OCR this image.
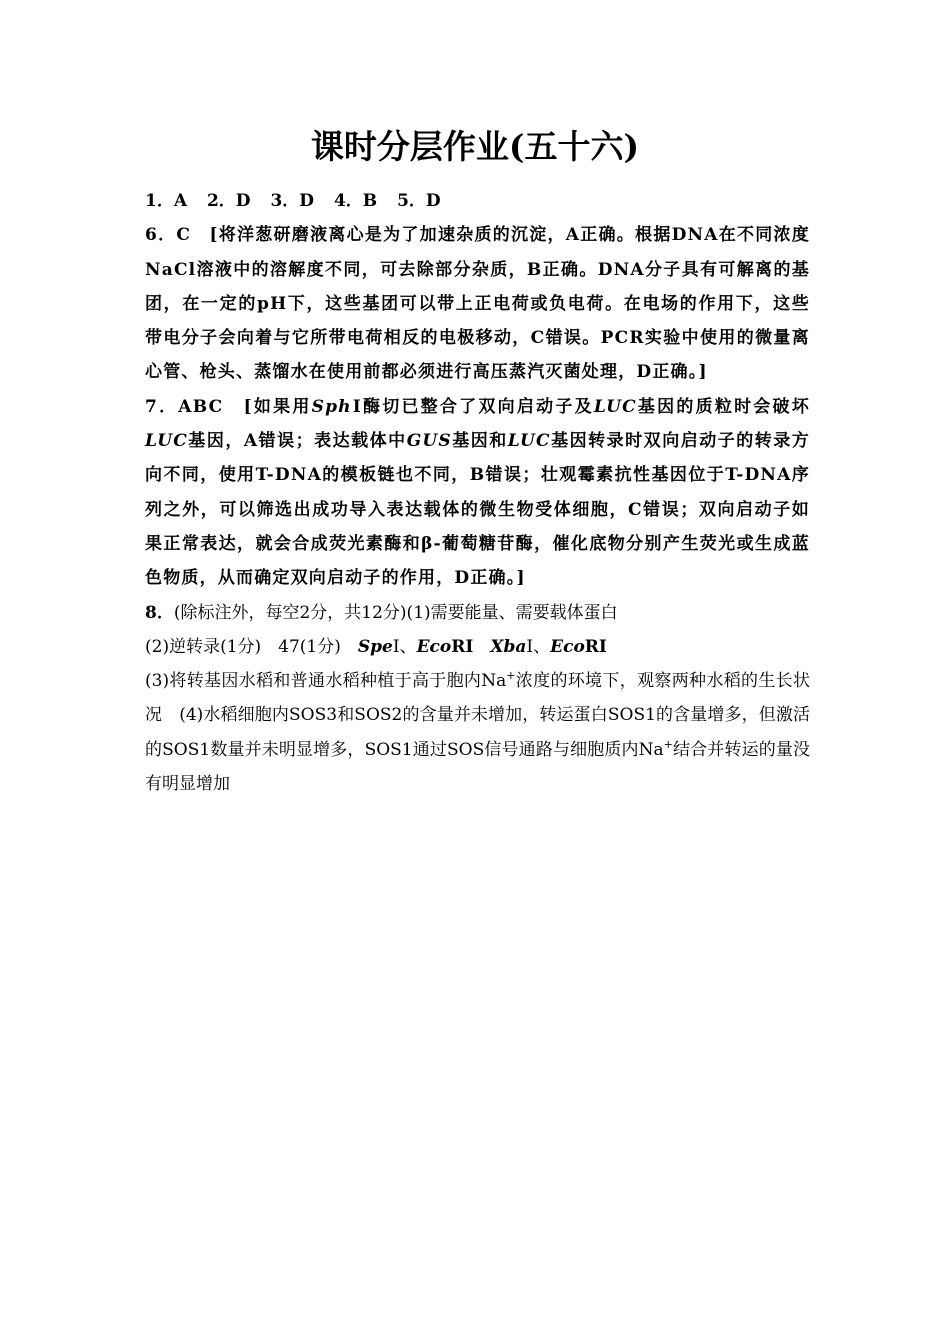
课时分层作业(五十六)

1．A 2．D 3．D 4．B 5．D

6．C　 [将洋葱研磨液离心是为了加速杂质的沉淀，A正确。根据DNA在不同浓度NaCl溶液中的溶解度不同，可去除部分杂质，B正确。DNA分子具有可解离的基团，在一定的pH下，这些基团可以带上正电荷或负电荷。在电场的作用下，这些带电分子会向着与它所带电荷相反的电极移动，C错误。PCR实验中使用的微量离心管、枪头、蒸馏水在使用前都必须进行高压蒸汽灭菌处理，D正确。]

7．ABC　 [如果用SphⅠ酶切已整合了双向启动子及LUC基因的质粒时会破坏LUC基因，A错误；表达载体中GUS基因和LUC基因转录时双向启动子的转录方向不同，使用T-DNA的模板链也不同，B错误；壮观霉素抗性基因位于T-DNA序列之外，可以筛选出成功导入表达载体的微生物受体细胞，C错误；双向启动子如果正常表达，就会合成荧光素酶和β-葡萄糖苷酶，催化底物分别产生荧光或生成蓝色物质，从而确定双向启动子的作用，D正确。]

8．(除标注外，每空2分，共12分)(1)需要能量、需要载体蛋白

(2)逆转录(1分)　47(1分)　SpeⅠ、EcoRⅠ　XbaⅠ、EcoRⅠ

(3)将转基因水稻和普通水稻种植于高于胞内Na+浓度的环境下，观察两种水稻的生长状况　(4)水稻细胞内SOS3和SOS2的含量并未增加，转运蛋白SOS1的含量增多，但激活的SOS1数量并未明显增多，SOS1通过SOS信号通路与细胞质内Na+结合并转运的量没有明显增加
